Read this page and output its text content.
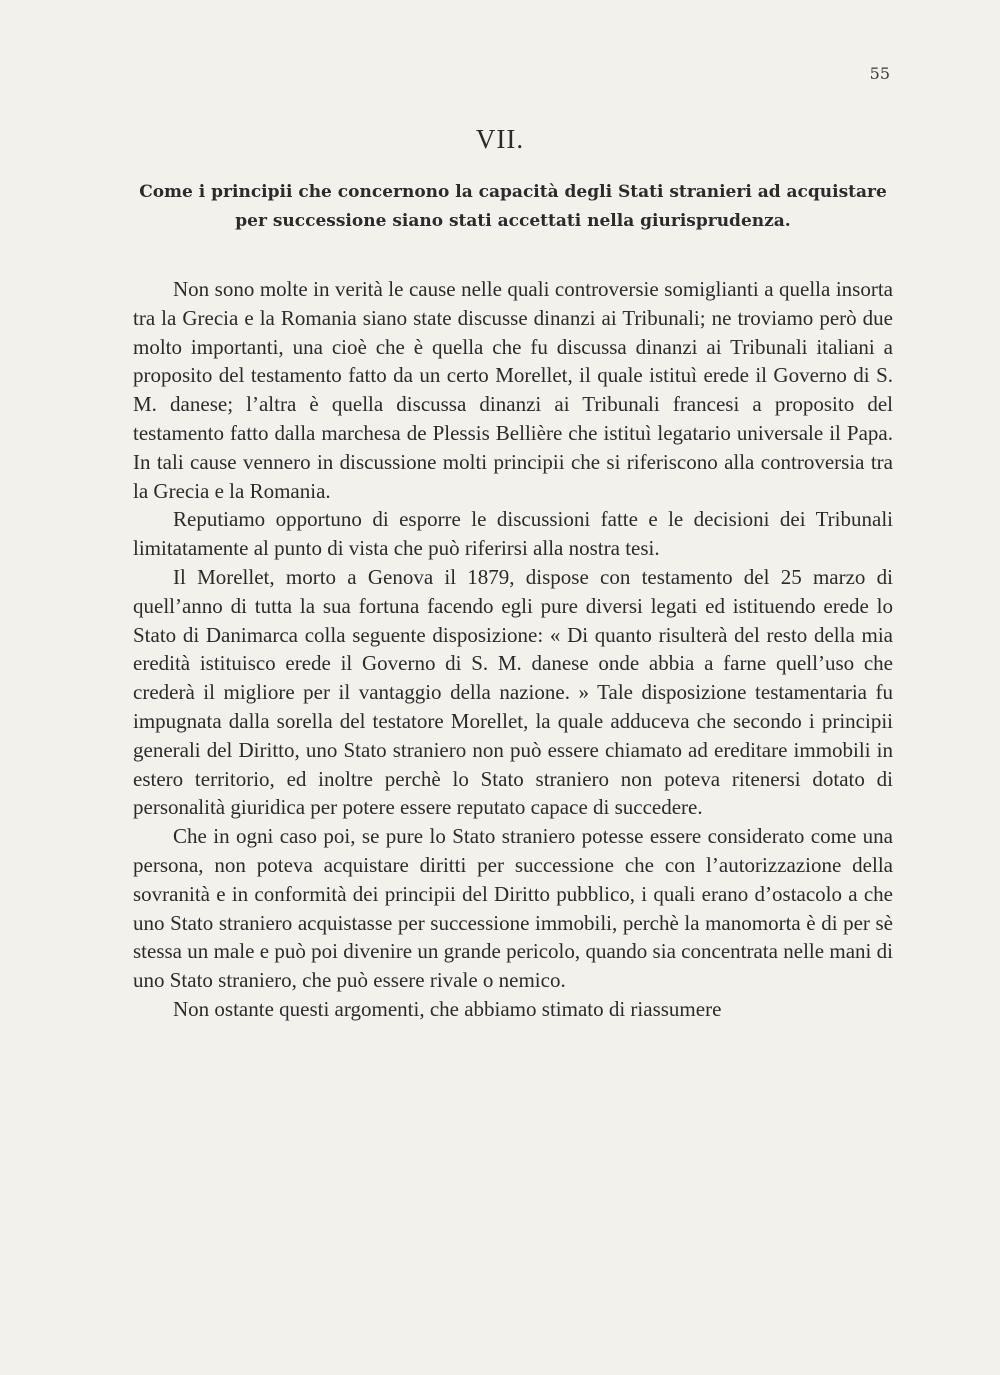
55
VII.
Come i principii che concernono la capacità degli Stati stranieri ad acquistare per successione siano stati accettati nella giurisprudenza.

Non sono molte in verità le cause nelle quali controversie somiglianti a quella insorta tra la Grecia e la Romania siano state discusse dinanzi ai Tribunali; ne troviamo però due molto importanti, una cioè che è quella che fu discussa dinanzi ai Tribunali italiani a proposito del testamento fatto da un certo Morellet, il quale istituì erede il Governo di S. M. danese; l’altra è quella discussa dinanzi ai Tribunali francesi a proposito del testamento fatto dalla marchesa de Plessis Bellière che istituì legatario universale il Papa. In tali cause vennero in discussione molti principii che si riferiscono alla controversia tra la Grecia e la Romania.

Reputiamo opportuno di esporre le discussioni fatte e le decisioni dei Tribunali limitatamente al punto di vista che può riferirsi alla nostra tesi.

Il Morellet, morto a Genova il 1879, dispose con testamento del 25 marzo di quell’anno di tutta la sua fortuna facendo egli pure diversi legati ed istituendo erede lo Stato di Danimarca colla seguente disposizione: « Di quanto risulterà del resto della mia eredità istituisco erede il Governo di S. M. danese onde abbia a farne quell’uso che crederà il migliore per il vantaggio della nazione. » Tale disposizione testamentaria fu impugnata dalla sorella del testatore Morellet, la quale adduceva che secondo i principii generali del Diritto, uno Stato straniero non può essere chiamato ad ereditare immobili in estero territorio, ed inoltre perchè lo Stato straniero non poteva ritenersi dotato di personalità giuridica per potere essere reputato capace di succedere.

Che in ogni caso poi, se pure lo Stato straniero potesse essere considerato come una persona, non poteva acquistare diritti per successione che con l’autorizzazione della sovranità e in conformità dei principii del Diritto pubblico, i quali erano d’ostacolo a che uno Stato straniero acquistasse per successione immobili, perchè la manomorta è di per sè stessa un male e può poi divenire un grande pericolo, quando sia concentrata nelle mani di uno Stato straniero, che può essere rivale o nemico.

Non ostante questi argomenti, che abbiamo stimato di riassumere
